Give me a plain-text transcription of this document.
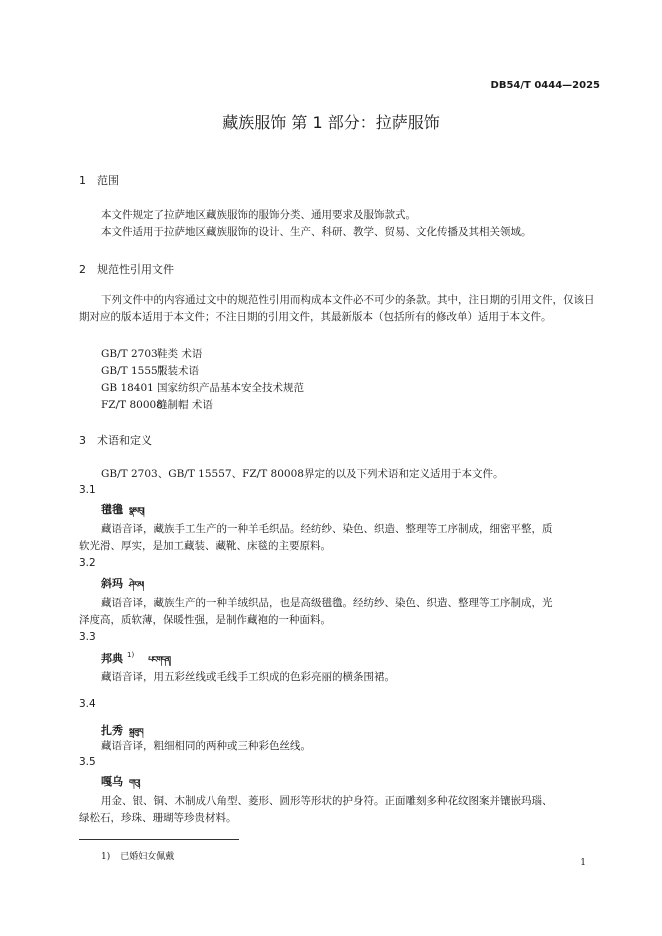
DB54/T 0444—2025
藏族服饰 第 1 部分：拉萨服饰
1 范围
本文件规定了拉萨地区藏族服饰的服饰分类、通用要求及服饰款式。
本文件适用于拉萨地区藏族服饰的设计、生产、科研、教学、贸易、文化传播及其相关领域。
2 规范性引用文件
下列文件中的内容通过文中的规范性引用而构成本文件必不可少的条款。其中，注日期的引用文件，仅该日期对应的版本适用于本文件；不注日期的引用文件，其最新版本（包括所有的修改单）适用于本文件。
GB/T 2703鞋类 术语
GB/T 15557服装术语
GB 18401 国家纺织产品基本安全技术规范
FZ/T 80008缝制帽 术语
3 术语和定义
GB/T 2703、GB/T 15557、FZ/T 80008界定的以及下列术语和定义适用于本文件。
3.1
氆氇 སྣམ་བུ།
藏语音译，藏族手工生产的一种羊毛织品。经纺纱、染色、织造、整理等工序制成，细密平整，质
软光滑、厚实，是加工藏装、藏靴、床毯的主要原料。
3.2
斜玛 ཤེར་མ།
藏语音译，藏族生产的一种羊绒织品，也是高级氆氇。经纺纱、染色、织造、整理等工序制成，光
泽度高，质软薄，保暖性强，是制作藏袍的一种面料。
3.3
邦典 $^{1)}$ པང་གདན།
藏语音译，用五彩丝线或毛线手工织成的色彩亮丽的横条围裙。
3.4
扎秀 སྐྲ་ཟུར།
藏语音译，粗细相同的两种或三种彩色丝线。
3.5
嘎乌 ག་འུ།
用金、银、铜、木制成八角型、菱形、圆形等形状的护身符。正面雕刻多种花纹图案并镶嵌玛瑙、
绿松石，珍珠、珊瑚等珍贵材料。
1) 已婚妇女佩戴
1
